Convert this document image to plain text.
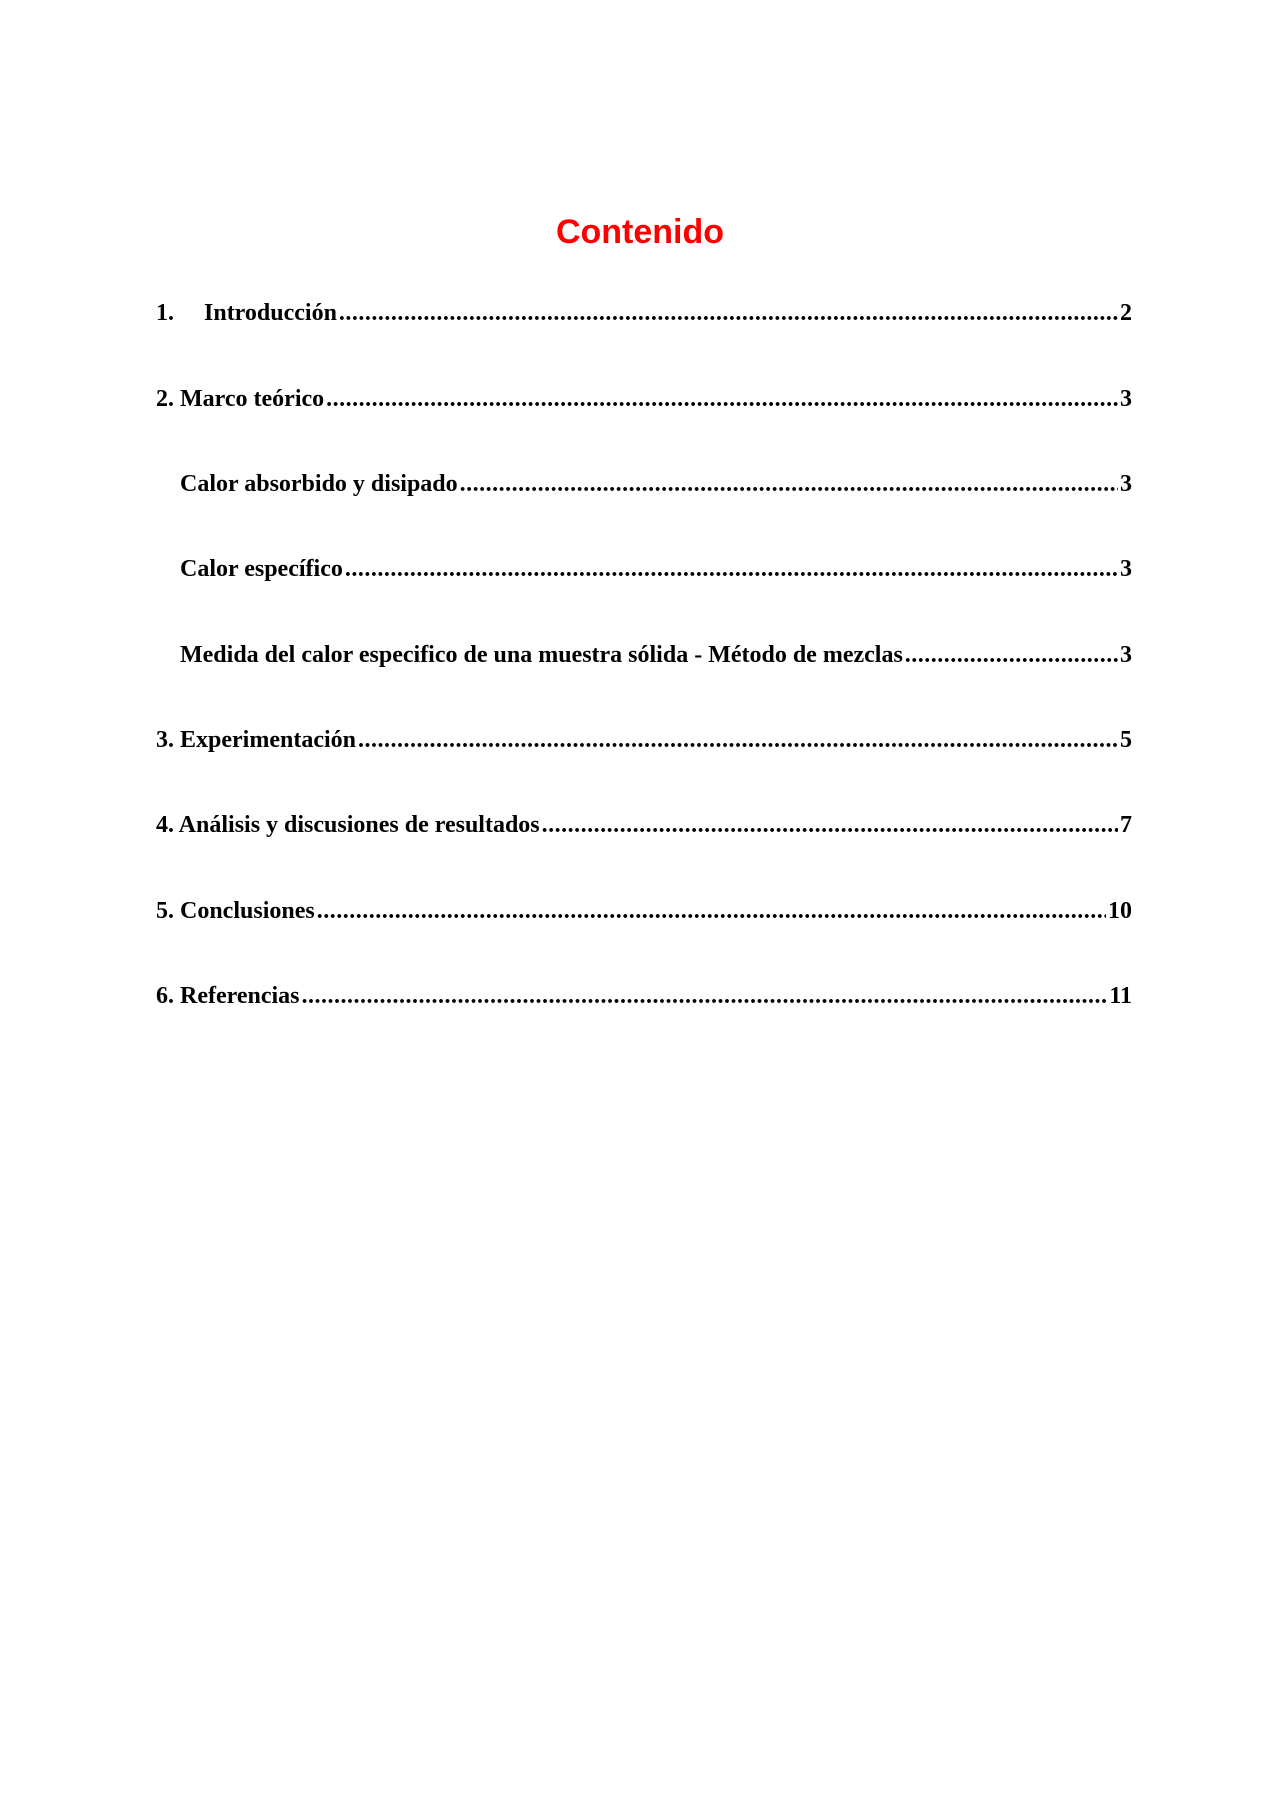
Contenido
1.	Introducción .....	2
2. Marco teórico .....	3
Calor absorbido y disipado .....	3
Calor específico .....	3
Medida del calor especifico de una muestra sólida - Método de mezclas .....	3
3. Experimentación .....	5
4. Análisis y discusiones de resultados .....	7
5. Conclusiones .....	10
6. Referencias .....	11
